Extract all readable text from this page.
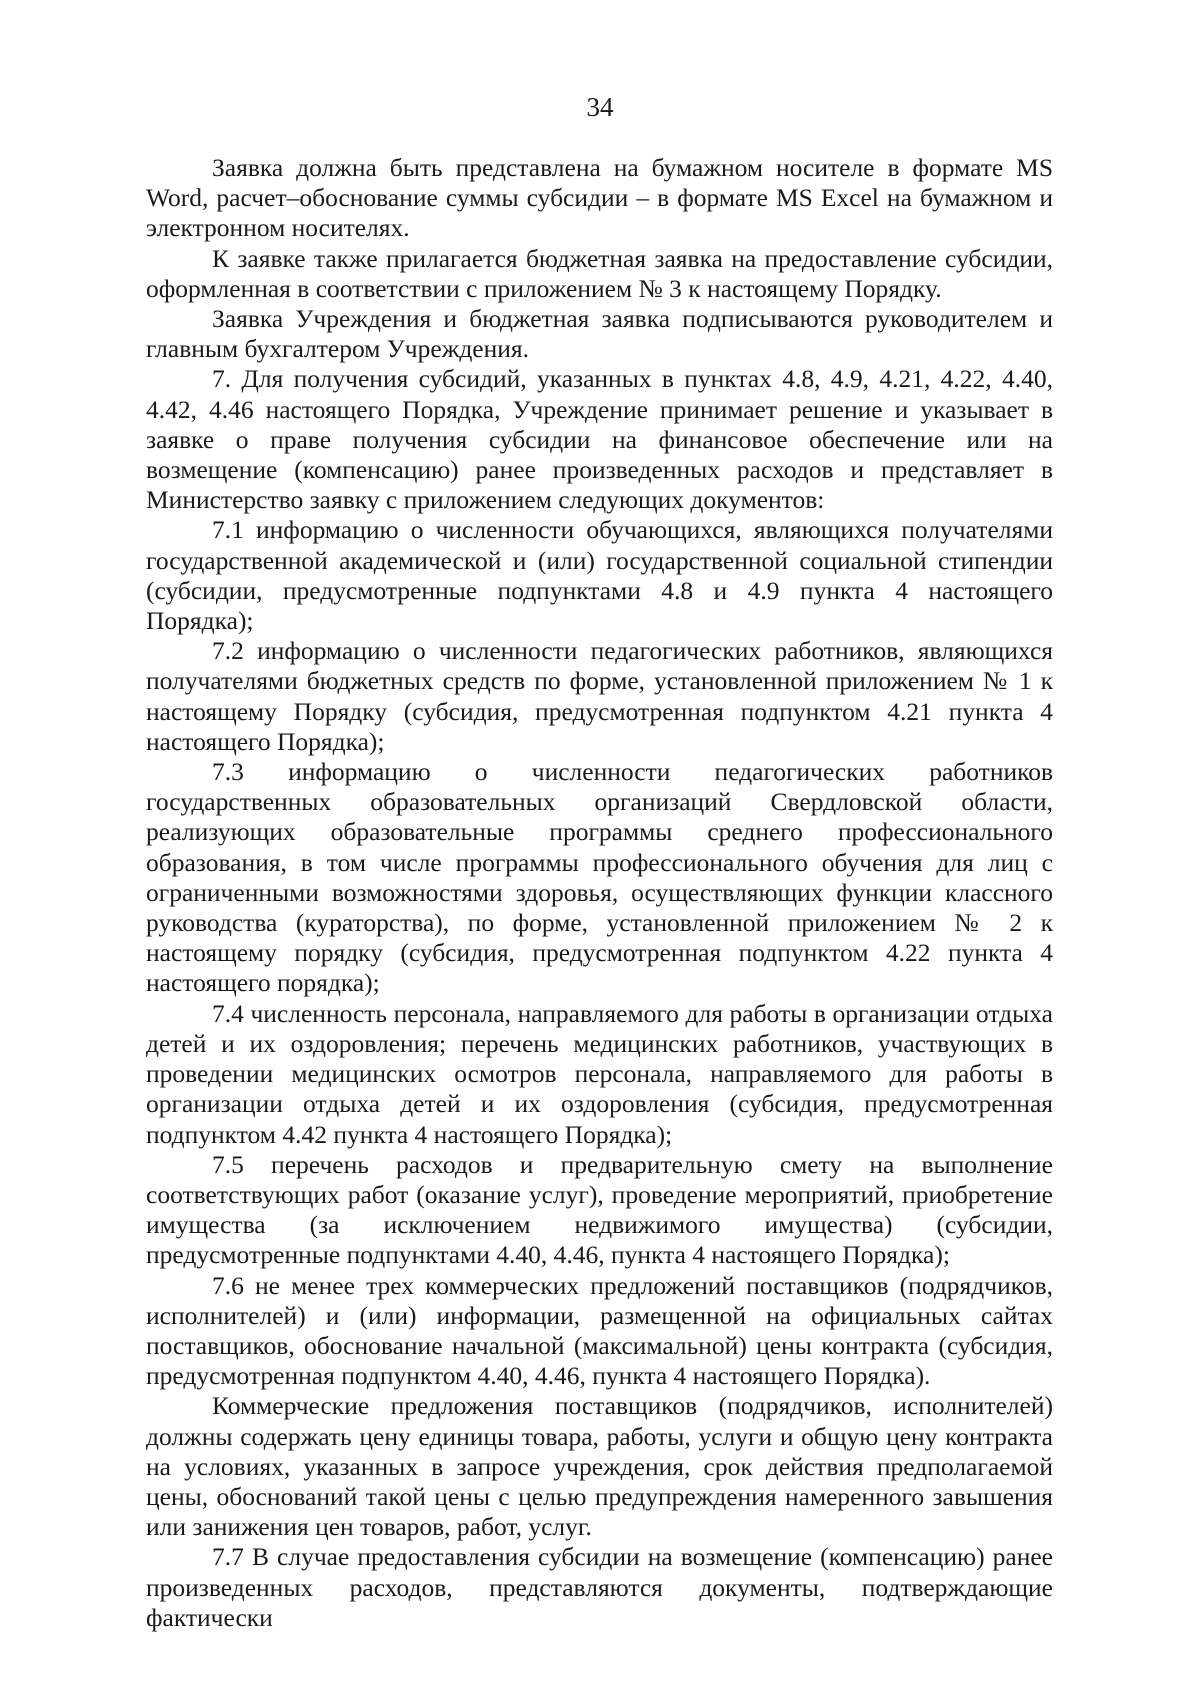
34

Заявка должна быть представлена на бумажном носителе в формате MS Word, расчет–обоснование суммы субсидии – в формате MS Excel на бумажном и электронном носителях.

К заявке также прилагается бюджетная заявка на предоставление субсидии, оформленная в соответствии с приложением № 3 к настоящему Порядку.

Заявка Учреждения и бюджетная заявка подписываются руководителем и главным бухгалтером Учреждения.

7. Для получения субсидий, указанных в пунктах 4.8, 4.9, 4.21, 4.22, 4.40, 4.42, 4.46 настоящего Порядка, Учреждение принимает решение и указывает в заявке о праве получения субсидии на финансовое обеспечение или на возмещение (компенсацию) ранее произведенных расходов и представляет в Министерство заявку с приложением следующих документов:

7.1 информацию о численности обучающихся, являющихся получателями государственной академической и (или) государственной социальной стипендии (субсидии, предусмотренные подпунктами 4.8 и 4.9 пункта 4 настоящего Порядка);

7.2 информацию о численности педагогических работников, являющихся получателями бюджетных средств по форме, установленной приложением № 1 к настоящему Порядку (субсидия, предусмотренная подпунктом 4.21 пункта 4 настоящего Порядка);

7.3 информацию о численности педагогических работников государственных образовательных организаций Свердловской области, реализующих образовательные программы среднего профессионального образования, в том числе программы профессионального обучения для лиц с ограниченными возможностями здоровья, осуществляющих функции классного руководства (кураторства), по форме, установленной приложением № 2 к настоящему порядку (субсидия, предусмотренная подпунктом 4.22 пункта 4 настоящего порядка);

7.4 численность персонала, направляемого для работы в организации отдыха детей и их оздоровления; перечень медицинских работников, участвующих в проведении медицинских осмотров персонала, направляемого для работы в организации отдыха детей и их оздоровления (субсидия, предусмотренная подпунктом 4.42 пункта 4 настоящего Порядка);

7.5 перечень расходов и предварительную смету на выполнение соответствующих работ (оказание услуг), проведение мероприятий, приобретение имущества (за исключением недвижимого имущества) (субсидии, предусмотренные подпунктами 4.40, 4.46, пункта 4 настоящего Порядка);

7.6 не менее трех коммерческих предложений поставщиков (подрядчиков, исполнителей) и (или) информации, размещенной на официальных сайтах поставщиков, обоснование начальной (максимальной) цены контракта (субсидия, предусмотренная подпунктом 4.40, 4.46, пункта 4 настоящего Порядка).

Коммерческие предложения поставщиков (подрядчиков, исполнителей) должны содержать цену единицы товара, работы, услуги и общую цену контракта на условиях, указанных в запросе учреждения, срок действия предполагаемой цены, обоснований такой цены с целью предупреждения намеренного завышения или занижения цен товаров, работ, услуг.

7.7 В случае предоставления субсидии на возмещение (компенсацию) ранее произведенных расходов, представляются документы, подтверждающие фактически
